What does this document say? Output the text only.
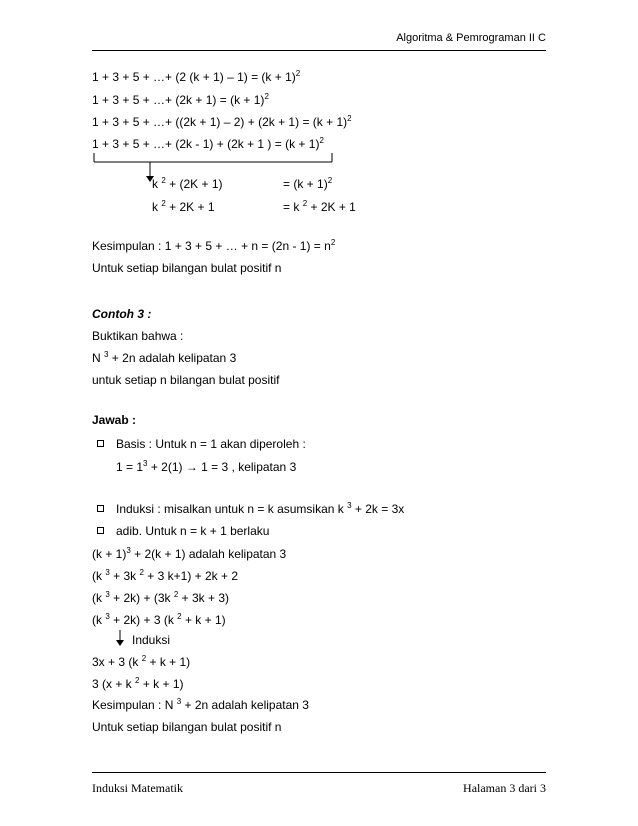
Algoritma & Pemrograman II C
1 + 3 + 5 + …+ (2 $(k + 1) - 1) = (k + 1)^2$
1 + 3 + 5 + …+ $(2k + 1) = (k + 1)^2$
1 + 3 + 5 + …+ $((2k + 1) - 2) + (2k + 1) = (k + 1)^2$
1 + 3 + 5 + …+ (2k - 1) + (2k + 1 ) = $(k + 1)^2$
k $^2$ + (2K + 1)	= $(k + 1)^2$
k $^2$ + 2K + 1	= k $^2$ + 2K + 1
Kesimpulan : 1 + 3 + 5 + … + $n = (2n - 1) = n^2$
Untuk setiap bilangan bulat positif n
Contoh 3 :
Buktikan bahwa :
N $^3$ + 2n adalah kelipatan 3
untuk setiap n bilangan bulat positif
Jawab :
Basis : Untuk n = 1 akan diperoleh :
$1 = 1^3 + 2(1) \to 1 = 3$ , kelipatan 3
Induksi : misalkan untuk n = k asumsikan k $^3$ + 2k = 3x
adib. Untuk n = k + 1 berlaku
$(k + 1)^3 + 2(k + 1)$ adalah kelipatan 3
(k $^3$ + 3k $^2$ + 3 k+1) + 2k + 2
(k $^3$ + 2k) + (3k $^2$ + 3k + 3)
(k $^3$ + 2k) + 3 (k $^2$ + k + 1)
Induksi
3x + 3 (k $^2$ + k + 1)
3 (x + k $^2$ + k + 1)
Kesimpulan : N $^3$ + 2n adalah kelipatan 3
Untuk setiap bilangan bulat positif n
Induksi Matematik	Halaman 3 dari 3
